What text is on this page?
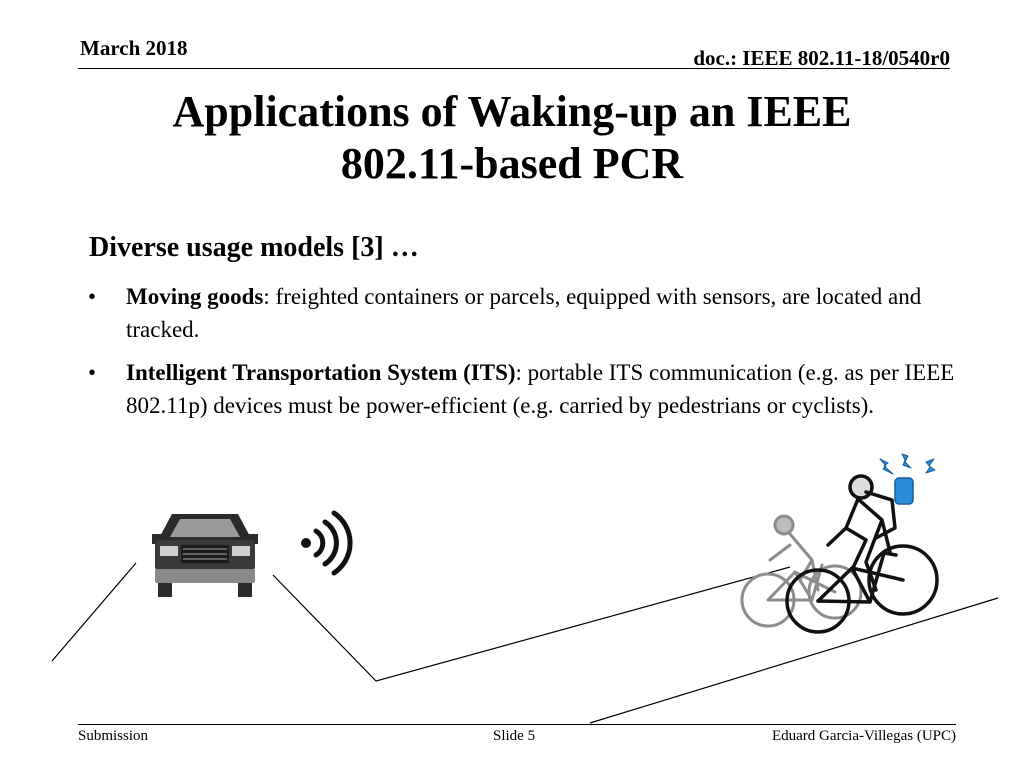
March 2018	doc.: IEEE 802.11-18/0540r0
Applications of Waking-up an IEEE
802.11-based PCR
Diverse usage models [3] …
• Moving goods: freighted containers or parcels, equipped with sensors, are located and tracked.
• Intelligent Transportation System (ITS): portable ITS communication (e.g. as per IEEE 802.11p) devices must be power-efficient (e.g. carried by pedestrians or cyclists).
Submission	Slide 5	Eduard Garcia-Villegas (UPC)
